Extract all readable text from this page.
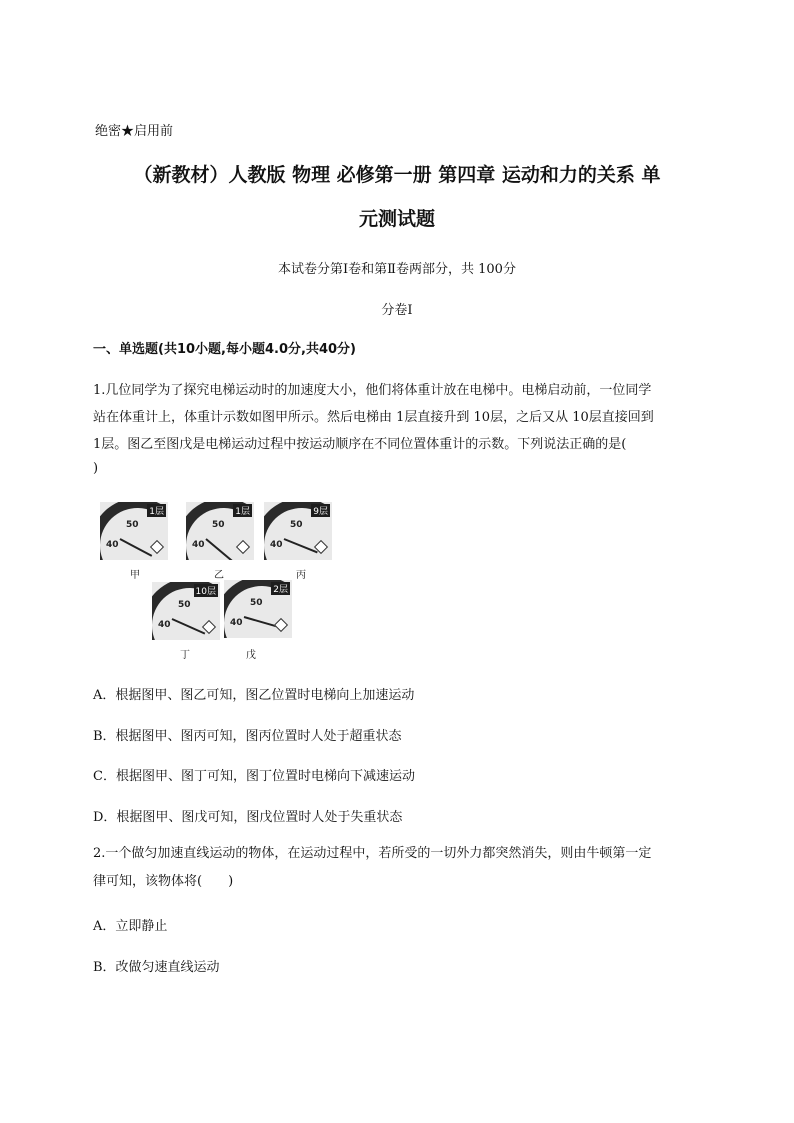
绝密★启用前
（新教材）人教版 物理 必修第一册 第四章 运动和力的关系 单
元测试题
本试卷分第Ⅰ卷和第Ⅱ卷两部分，共 100分
分卷I
一、单选题(共10小题,每小题4.0分,共40分)
1.几位同学为了探究电梯运动时的加速度大小，他们将体重计放在电梯中。电梯启动前，一位同学
站在体重计上，体重计示数如图甲所示。然后电梯由 1层直接升到 10层，之后又从 10层直接回到
1层。图乙至图戊是电梯运动过程中按运动顺序在不同位置体重计的示数。下列说法正确的是(
)
1层
50
40
甲
1层
50
40
乙
9层
50
40
丙
10层
50
40
丁
2层
50
40
戊
A．根据图甲、图乙可知，图乙位置时电梯向上加速运动
B．根据图甲、图丙可知，图丙位置时人处于超重状态
C．根据图甲、图丁可知，图丁位置时电梯向下减速运动
D．根据图甲、图戊可知，图戊位置时人处于失重状态
2.一个做匀加速直线运动的物体，在运动过程中，若所受的一切外力都突然消失，则由牛顿第一定
律可知，该物体将(　　)
A．立即静止
B．改做匀速直线运动
